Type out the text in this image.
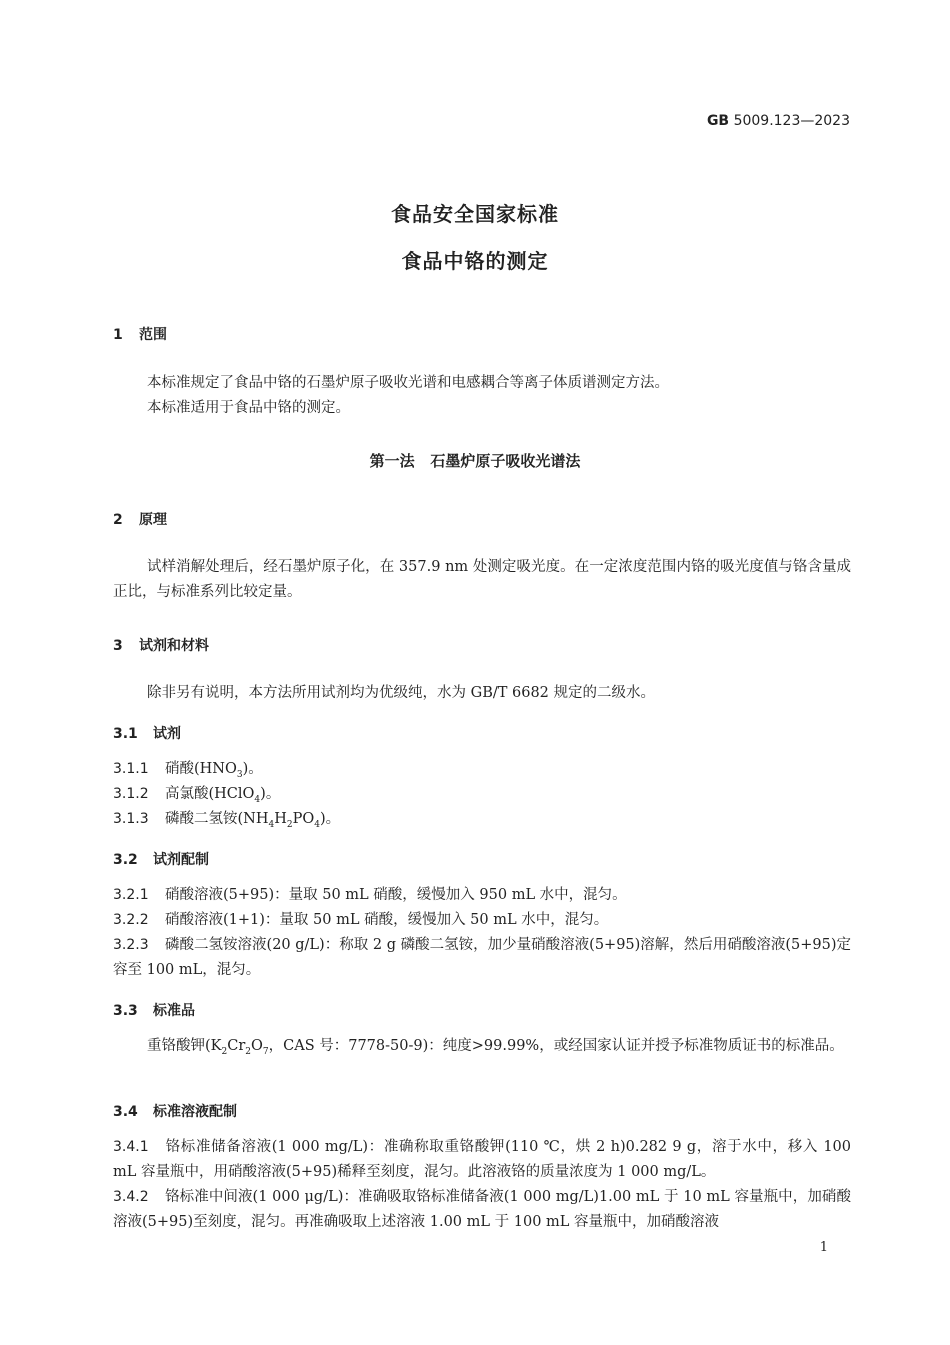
GB 5009.123—2023
食品安全国家标准
食品中铬的测定
1 范围
本标准规定了食品中铬的石墨炉原子吸收光谱和电感耦合等离子体质谱测定方法。
本标准适用于食品中铬的测定。
第一法 石墨炉原子吸收光谱法
2 原理
试样消解处理后，经石墨炉原子化，在 357.9 nm 处测定吸光度。在一定浓度范围内铬的吸光度值与铬含量成正比，与标准系列比较定量。
3 试剂和材料
除非另有说明，本方法所用试剂均为优级纯，水为 GB/T 6682 规定的二级水。
3.1 试剂
3.1.1 硝酸$(HNO_3)$。
3.1.2 高氯酸(HClO$_4$)。
3.1.3 磷酸二氢铵$(NH_4H_2PO_4)$。
3.2 试剂配制
3.2.1 硝酸溶液(5+95)：量取 50 mL 硝酸，缓慢加入 950 mL 水中，混匀。
3.2.2 硝酸溶液(1+1)：量取 50 mL 硝酸，缓慢加入 50 mL 水中，混匀。
3.2.3 磷酸二氢铵溶液(20 g/L)：称取 2 g 磷酸二氢铵，加少量硝酸溶液(5+95)溶解，然后用硝酸溶液(5+95)定容至 100 mL，混匀。
3.3 标准品
重铬酸钾($K_2Cr_2O_7$，CAS 号：7778-50-9)：纯度>99.99%，或经国家认证并授予标准物质证书的标准品。
3.4 标准溶液配制
3.4.1 铬标准储备溶液(1 000 mg/L)：准确称取重铬酸钾(110 ℃，烘 2 h)0.282 9 g，溶于水中，移入 100 mL 容量瓶中，用硝酸溶液(5+95)稀释至刻度，混匀。此溶液铬的质量浓度为 1 000 mg/L。
3.4.2 铬标准中间液(1 000 μg/L)：准确吸取铬标准储备液(1 000 mg/L)1.00 mL 于 10 mL 容量瓶中，加硝酸溶液(5+95)至刻度，混匀。再准确吸取上述溶液 1.00 mL 于 100 mL 容量瓶中，加硝酸溶液
1
